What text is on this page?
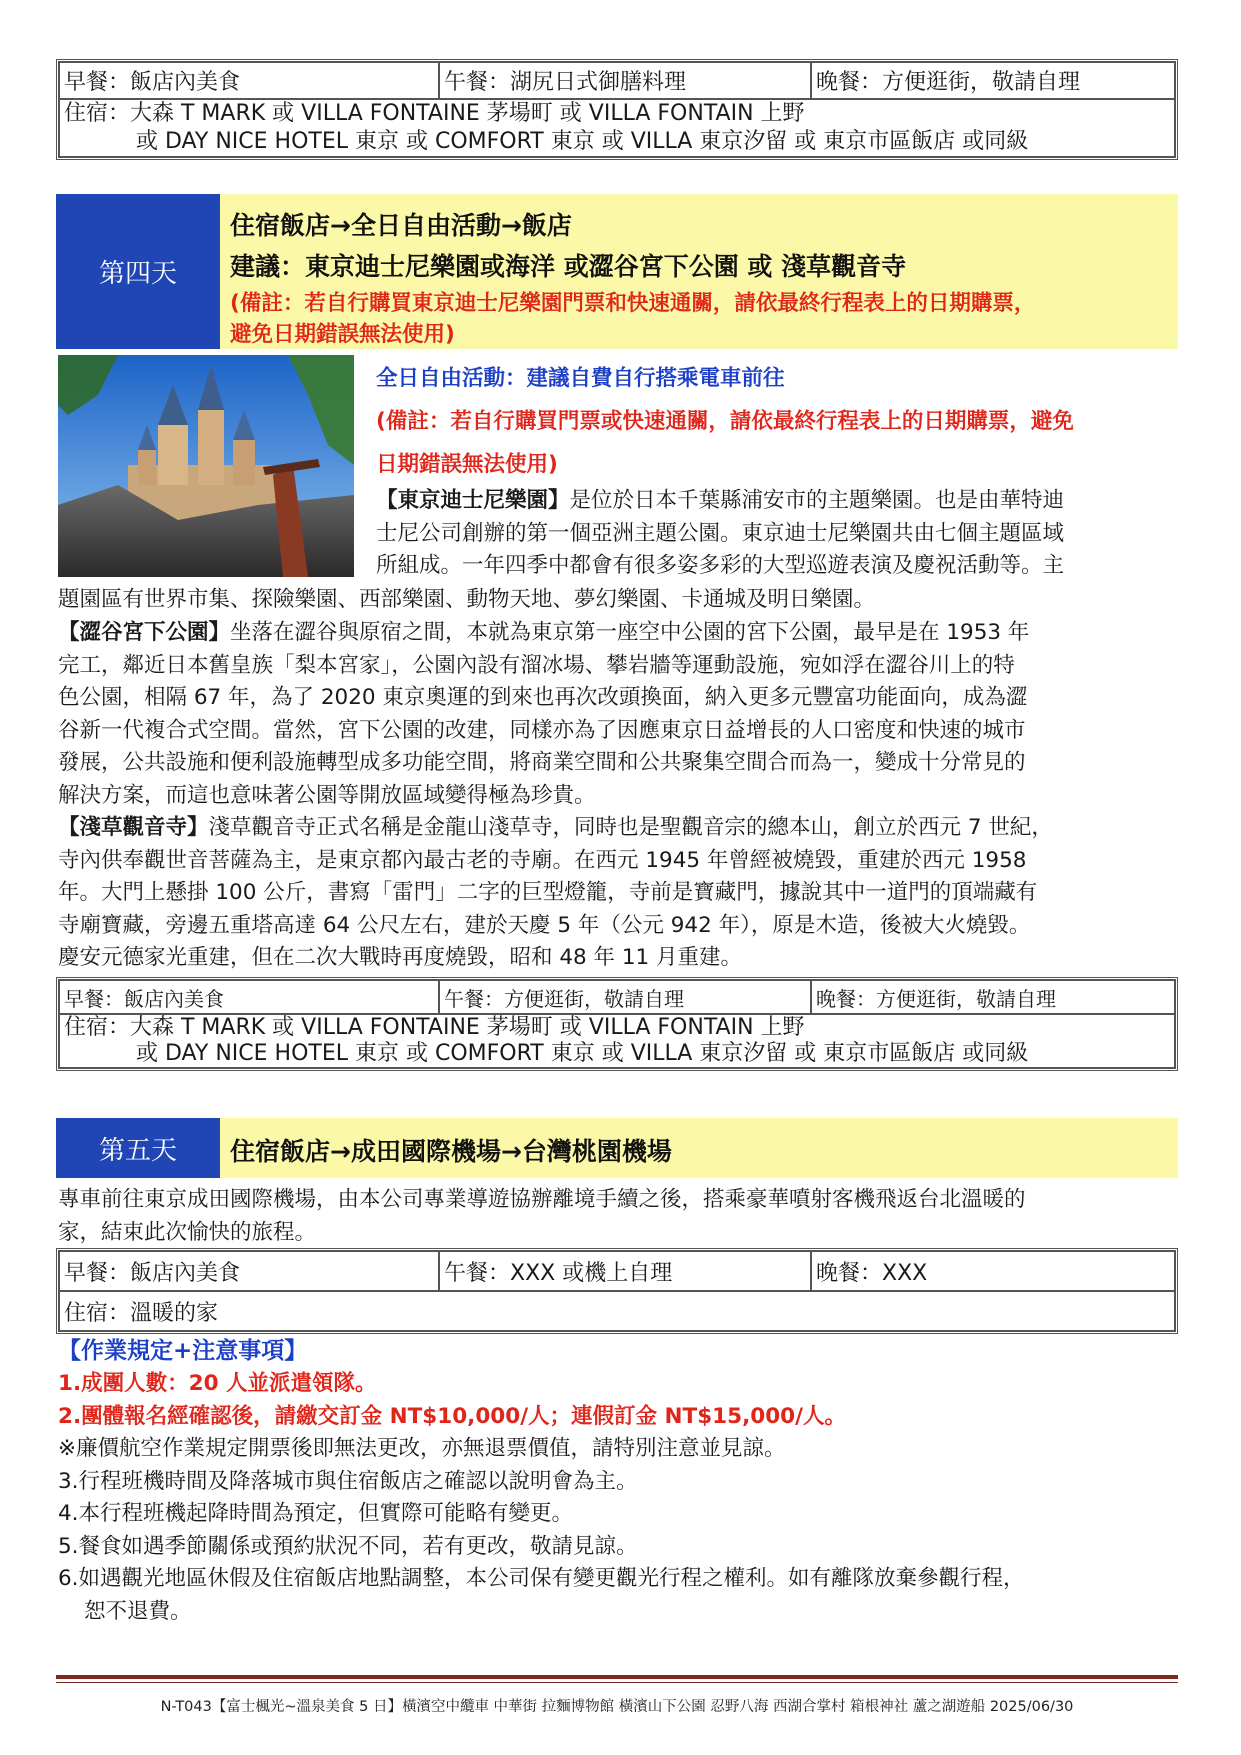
早餐：飯店內美食	午餐：湖尻日式御膳料理	晚餐：方便逛街，敬請自理

住宿：大森 T MARK 或 VILLA FONTAINE 茅場町 或 VILLA FONTAIN 上野
或 DAY NICE HOTEL 東京 或 COMFORT 東京 或 VILLA 東京汐留 或 東京市區飯店 或同級
第四天
住宿飯店→全日自由活動→飯店
建議：東京迪士尼樂園或海洋 或澀谷宮下公園 或 淺草觀音寺
(備註：若自行購買東京迪士尼樂園門票和快速通關，請依最終行程表上的日期購票，
避免日期錯誤無法使用)
全日自由活動：建議自費自行搭乘電車前往
(備註：若自行購買門票或快速通關，請依最終行程表上的日期購票，避免
日期錯誤無法使用)
【東京迪士尼樂園】是位於日本千葉縣浦安市的主題樂園。也是由華特迪
士尼公司創辦的第一個亞洲主題公園。東京迪士尼樂園共由七個主題區域
所組成。一年四季中都會有很多姿多彩的大型巡遊表演及慶祝活動等。主
題園區有世界市集、探險樂園、西部樂園、動物天地、夢幻樂園、卡通城及明日樂園。
【澀谷宮下公園】坐落在澀谷與原宿之間，本就為東京第一座空中公園的宮下公園，最早是在 1953 年
完工，鄰近日本舊皇族「梨本宮家」，公園內設有溜冰場、攀岩牆等運動設施，宛如浮在澀谷川上的特
色公園，相隔 67 年，為了 2020 東京奧運的到來也再次改頭換面，納入更多元豐富功能面向，成為澀
谷新一代複合式空間。當然，宮下公園的改建，同樣亦為了因應東京日益增長的人口密度和快速的城市
發展，公共設施和便利設施轉型成多功能空間，將商業空間和公共聚集空間合而為一，變成十分常見的
解決方案，而這也意味著公園等開放區域變得極為珍貴。
【淺草觀音寺】淺草觀音寺正式名稱是金龍山淺草寺，同時也是聖觀音宗的總本山，創立於西元 7 世紀，
寺內供奉觀世音菩薩為主，是東京都內最古老的寺廟。在西元 1945 年曾經被燒毀，重建於西元 1958
年。大門上懸掛 100 公斤，書寫「雷門」二字的巨型燈籠，寺前是寶藏門，據說其中一道門的頂端藏有
寺廟寶藏，旁邊五重塔高達 64 公尺左右，建於天慶 5 年（公元 942 年），原是木造，後被大火燒毀。
慶安元德家光重建，但在二次大戰時再度燒毀，昭和 48 年 11 月重建。
早餐：飯店內美食	午餐：方便逛街，敬請自理	晚餐：方便逛街，敬請自理

住宿：大森 T MARK 或 VILLA FONTAINE 茅場町 或 VILLA FONTAIN 上野
或 DAY NICE HOTEL 東京 或 COMFORT 東京 或 VILLA 東京汐留 或 東京市區飯店 或同級
第五天	住宿飯店→成田國際機場→台灣桃園機場
專車前往東京成田國際機場，由本公司專業導遊協辦離境手續之後，搭乘豪華噴射客機飛返台北溫暖的
家，結束此次愉快的旅程。
早餐：飯店內美食	午餐：XXX 或機上自理	晚餐：XXX
住宿：溫暖的家
【作業規定+注意事項】
1.成團人數：20 人並派遣領隊。
2.團體報名經確認後，請繳交訂金 NT$10,000/人；連假訂金 NT$15,000/人。
※廉價航空作業規定開票後即無法更改，亦無退票價值，請特別注意並見諒。
3.行程班機時間及降落城市與住宿飯店之確認以說明會為主。
4.本行程班機起降時間為預定，但實際可能略有變更。
5.餐食如遇季節關係或預約狀況不同，若有更改，敬請見諒。
6.如遇觀光地區休假及住宿飯店地點調整，本公司保有變更觀光行程之權利。如有離隊放棄參觀行程，
恕不退費。
N-T043【富士楓光~溫泉美食 5 日】橫濱空中纜車 中華街 拉麵博物館 橫濱山下公園 忍野八海 西湖合掌村 箱根神社 蘆之湖遊船 2025/06/30
